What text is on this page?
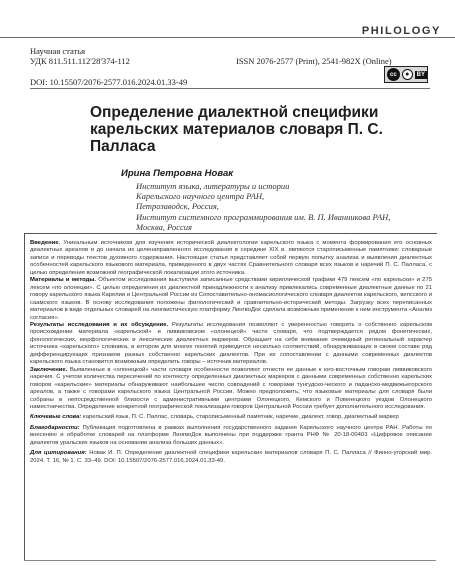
PHILOLOGY
Научная статья
УДК 811.511.112'28'374-112
DOI: 10.15507/2076-2577.016.2024.01.33-49
ISSN 2076-2577 (Print), 2541-982X (Online)
cc	●	BY
Определение диалектной специфики карельских материалов словаря П. С. Палласа
Ирина Петровна Новак
Институт языка, литературы и истории
Карельского научного центра РАН,
Петрозаводск, Россия,
Институт системного программирования им. В. П. Иванникова РАН,
Москва, Россия

Введение. Уникальным источником для изучения исторической диалектологии карельского языка с момента формирования его основных диалектных ареалов и до начала их целенаправленного исследования в середине XIX в. являются старописьменные памятники: словарные записи и переводы текстов духовного содержания. Настоящая статья представляет собой первую попытку анализа и выявления диалектных особенностей карельского языкового материала, приведенного в двух частях Сравнительного словаря всех языков и наречий П. С. Палласа, с целью определения возможной географической локализации этого источника.

Материалы и методы. Объектом исследования выступили записанные средствами кириллической графики 479 лексем «по карельски» и 275 лексем «по олонецки». С целью определения их диалектной принадлежности к анализу привлекались современные диалектные данные по 21 говору карельского языка Карелии и Центральной России из Сопоставительно-ономасиологического словаря диалектов карельского, вепсского и саамского языков. В основу исследования положены филологический и сравнительно-исторический методы. Загрузку всех переписанных материалов в виде отдельных словарей на лингвистическую платформу ЛингвоДок сделала возможным применение к ним инструмента «Анализ согласия».

Результаты исследования и их обсуждение. Результаты исследования позволяют с уверенностью говорить о собственно карельском происхождении материала «карельской» и ливвиковском «олонецкой» части словаря, что подтверждается рядом фонетических, фонологических, морфологических и лексических диалектных маркеров. Обращает на себя внимание очевидный региональный характер источника «карельского» словника, в котором для многих понятий приводится несколько соответствий, обнаруживающих в своем составе ряд дифференцирующих признаков разных собственно карельских диалектов. При их сопоставлении с данными современных диалектов карельского языка становится возможным определить говоры – источник материалов.

Заключение. Выявленные в «олонецкой» части словаря особенности позволяют отнести ее данные к юго-восточным говорам ливвиковского наречия. С учетом количества пересечений по контексту определенных диалектных маркеров с данными современных собственно карельских говоров «карельские» материалы обнаруживают наибольшее число совпадений с говорами тунгудско-ческого и паданско-медвежьегорского ареалов, а также с говорами карельского языка Центральной России. Можно предположить, что языковые материалы для словаря были собраны в непосредственной близости с административными центрами Олонецкого, Кемского и Повенецкого уездов Олонецкого наместничества. Определение конкретной географической локализации говоров Центральной России требует дополнительного исследования.

Ключевые слова: карельский язык, П. С. Паллас, словарь, старописьменный памятник, наречие, диалект, говор, диалектный маркер

Благодарности: Публикация подготовлена в рамках выполнения государственного задания Карельского научного центра РАН. Работы по внесению и обработке словарей на платформе ЛингвоДок выполнены при поддержке гранта РНФ № 20-18-00403 «Цифровое описание диалектов уральских языков на основании анализа больших данных».

Для цитирования: Новак И. П. Определение диалектной специфики карельских материалов словаря П. С. Палласа // Финно-угорский мир. 2024. Т. 16, № 1. С. 33–49. DOI: 10.15507/2076-2577.016.2024.01.33-49.
